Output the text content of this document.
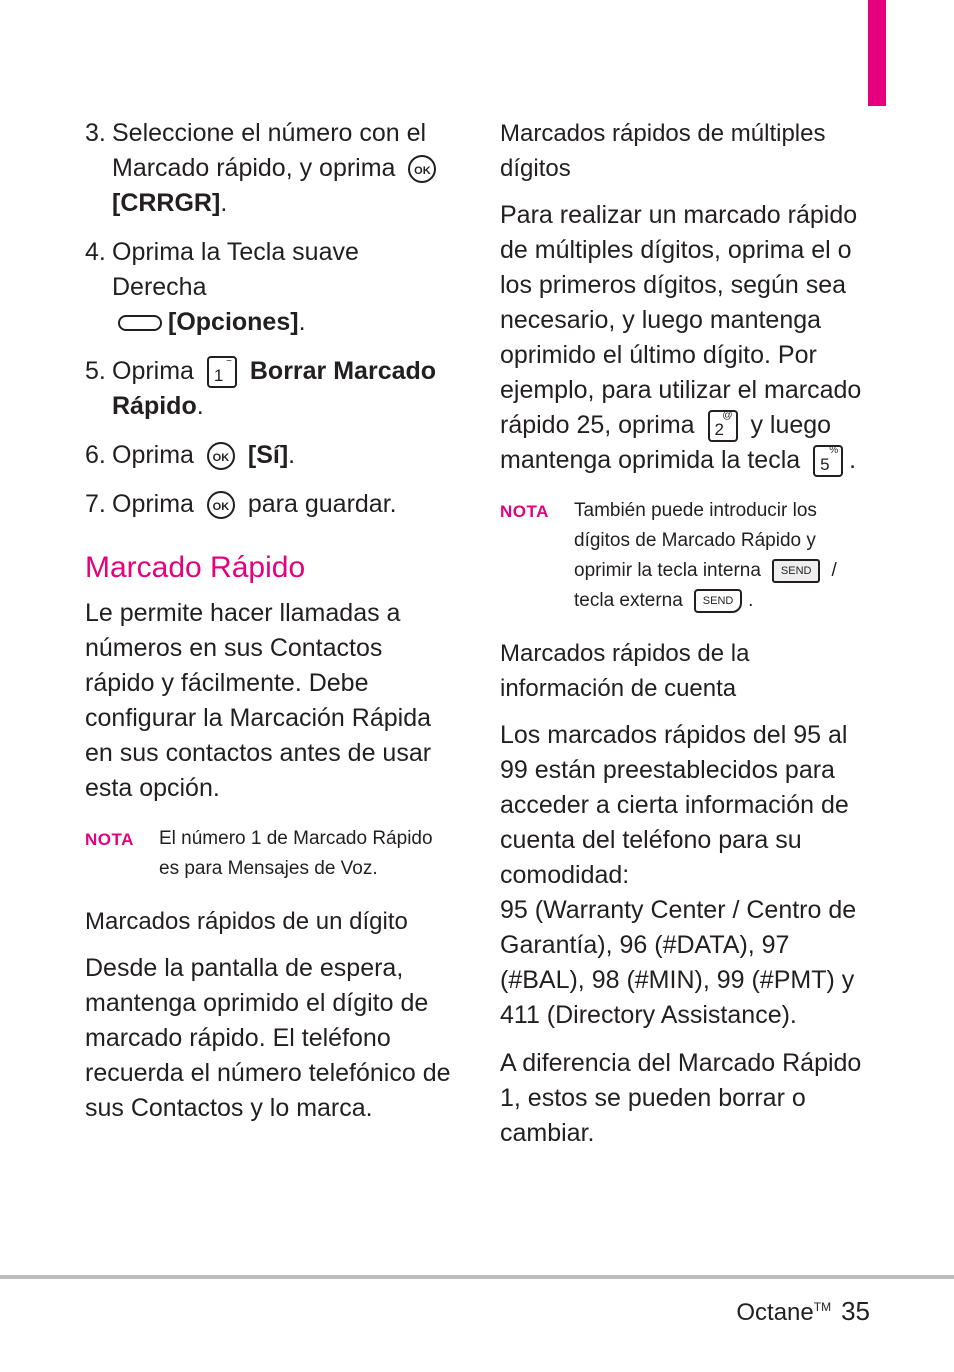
3. Seleccione el número con el Marcado rápido, y oprima OK [CRRGR].
4. Oprima la Tecla suave Derecha
[Opciones].
5. Oprima	~
1 Borrar Marcado Rápido.
6. Oprima OK [Sí].
7. Oprima OK para guardar.
Marcado Rápido
Le permite hacer llamadas a números en sus Contactos rápido y fácilmente. Debe configurar la Marcación Rápida en sus contactos antes de usar esta opción.
NOTA El número 1 de Marcado Rápido es para Mensajes de Voz.
Marcados rápidos de un dígito
Desde la pantalla de espera, mantenga oprimido el dígito de marcado rápido. El teléfono recuerda el número telefónico de sus Contactos y lo marca.
Marcados rápidos de múltiples dígitos
Para realizar un marcado rápido de múltiples dígitos, oprima el o los primeros dígitos, según sea necesario, y luego mantenga oprimido el último dígito. Por ejemplo, para utilizar el marcado rápido 25, oprima	@
2 y luego mantenga oprimida la tecla	%
5 .
NOTA También puede introducir los dígitos de Marcado Rápido y oprimir la tecla interna SEND / tecla externa SEND .
Marcados rápidos de la información de cuenta
Los marcados rápidos del 95 al 99 están preestablecidos para acceder a cierta información de cuenta del teléfono para su comodidad:
95 (Warranty Center / Centro de Garantía), 96 (#DATA), 97 (#BAL), 98 (#MIN), 99 (#PMT) y 411 (Directory Assistance).
A diferencia del Marcado Rápido 1, estos se pueden borrar o cambiar.
Octane™ 35
